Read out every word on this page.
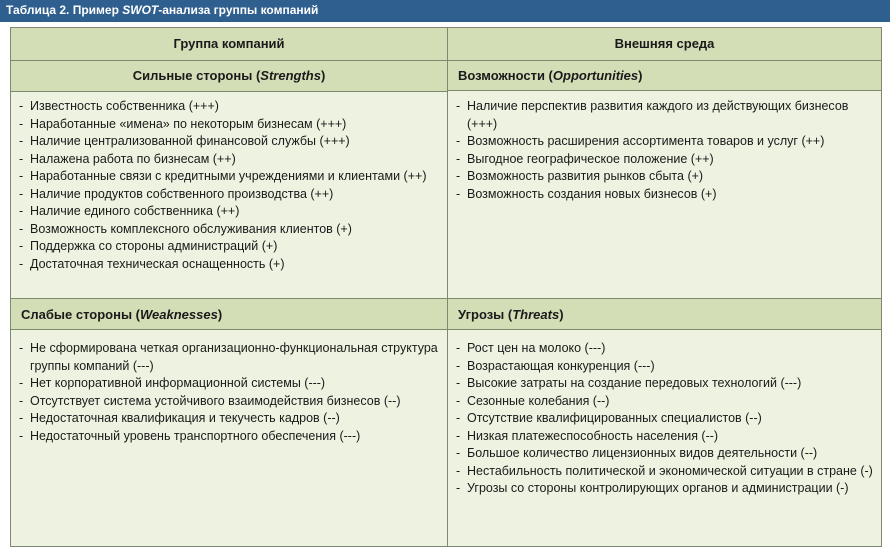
Таблица 2. Пример SWOT-анализа группы компаний
Группа компаний
Сильные стороны (Strengths)
- Известность собственника (+++)
- Наработанные «имена» по некоторым бизнесам (+++)
- Наличие централизованной финансовой службы (+++)
- Налажена работа по бизнесам (++)
- Наработанные связи с кредитными учреждениями и клиентами (++)
- Наличие продуктов собственного производства (++)
- Наличие единого собственника (++)
- Возможность комплексного обслуживания клиентов (+)
- Поддержка со стороны администраций (+)
- Достаточная техническая оснащенность (+)
Слабые стороны (Weaknesses)
- Не сформирована четкая организационно-функциональная структура группы компаний (---)
- Нет корпоративной информационной системы (---)
- Отсутствует система устойчивого взаимодействия бизнесов (--)
- Недостаточная квалификация и текучесть кадров (--)
- Недостаточный уровень транспортного обеспечения (---)
Внешняя среда
Возможности (Opportunities)
- Наличие перспектив развития каждого из действующих бизнесов (+++)
- Возможность расширения ассортимента товаров и услуг (++)
- Выгодное географическое положение (++)
- Возможность развития рынков сбыта (+)
- Возможность создания новых бизнесов (+)
Угрозы (Threats)
- Рост цен на молоко (---)
- Возрастающая конкуренция (---)
- Высокие затраты на создание передовых технологий (---)
- Сезонные колебания (--)
- Отсутствие квалифицированных специалистов (--)
- Низкая платежеспособность населения (--)
- Большое количество лицензионных видов деятельности (--)
- Нестабильность политической и экономической ситуации в стране (-)
- Угрозы со стороны контролирующих органов и администрации (-)
